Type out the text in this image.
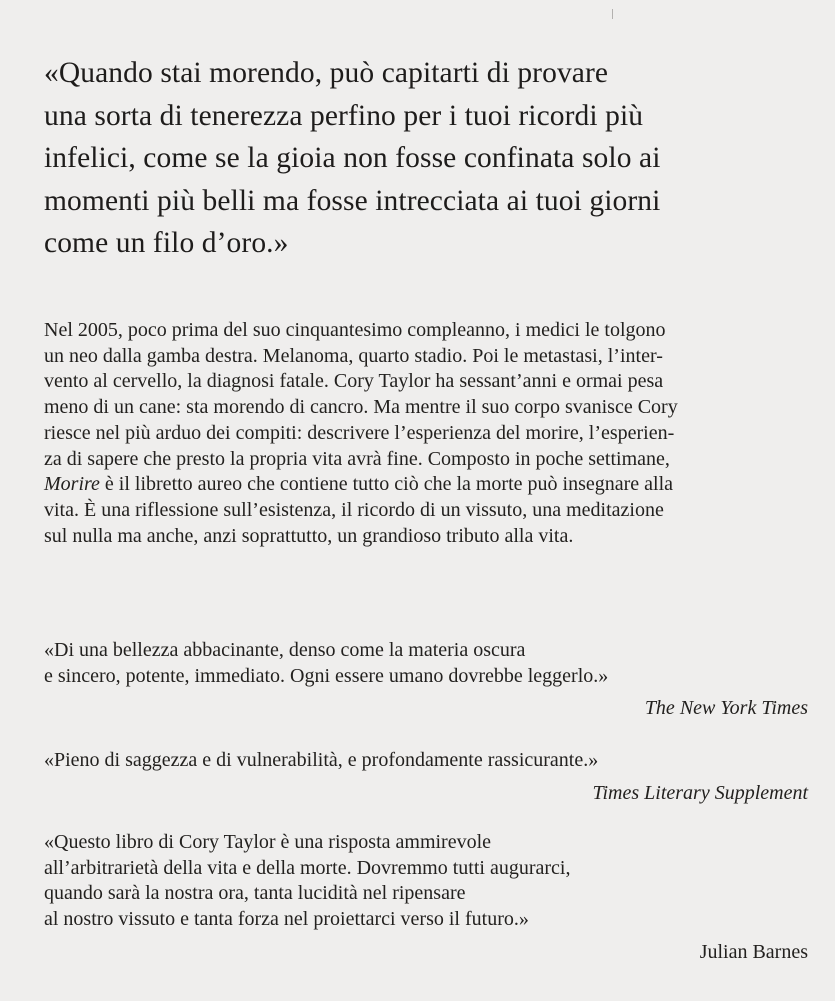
«Quando stai morendo, può capitarti di provare
una sorta di tenerezza perfino per i tuoi ricordi più
infelici, come se la gioia non fosse confinata solo ai
momenti più belli ma fosse intrecciata ai tuoi giorni
come un filo d’oro.»
Nel 2005, poco prima del suo cinquantesimo compleanno, i medici le tolgono
un neo dalla gamba destra. Melanoma, quarto stadio. Poi le metastasi, l’inter-
vento al cervello, la diagnosi fatale. Cory Taylor ha sessant’anni e ormai pesa
meno di un cane: sta morendo di cancro. Ma mentre il suo corpo svanisce Cory
riesce nel più arduo dei compiti: descrivere l’esperienza del morire, l’esperien-
za di sapere che presto la propria vita avrà fine. Composto in poche settimane,
Morire è il libretto aureo che contiene tutto ciò che la morte può insegnare alla
vita. È una riflessione sull’esistenza, il ricordo di un vissuto, una meditazione
sul nulla ma anche, anzi soprattutto, un grandioso tributo alla vita.
«Di una bellezza abbacinante, denso come la materia oscura
e sincero, potente, immediato. Ogni essere umano dovrebbe leggerlo.»
The New York Times
«Pieno di saggezza e di vulnerabilità, e profondamente rassicurante.»
Times Literary Supplement
«Questo libro di Cory Taylor è una risposta ammirevole
all’arbitrarietà della vita e della morte. Dovremmo tutti augurarci,
quando sarà la nostra ora, tanta lucidità nel ripensare
al nostro vissuto e tanta forza nel proiettarci verso il futuro.»
Julian Barnes
